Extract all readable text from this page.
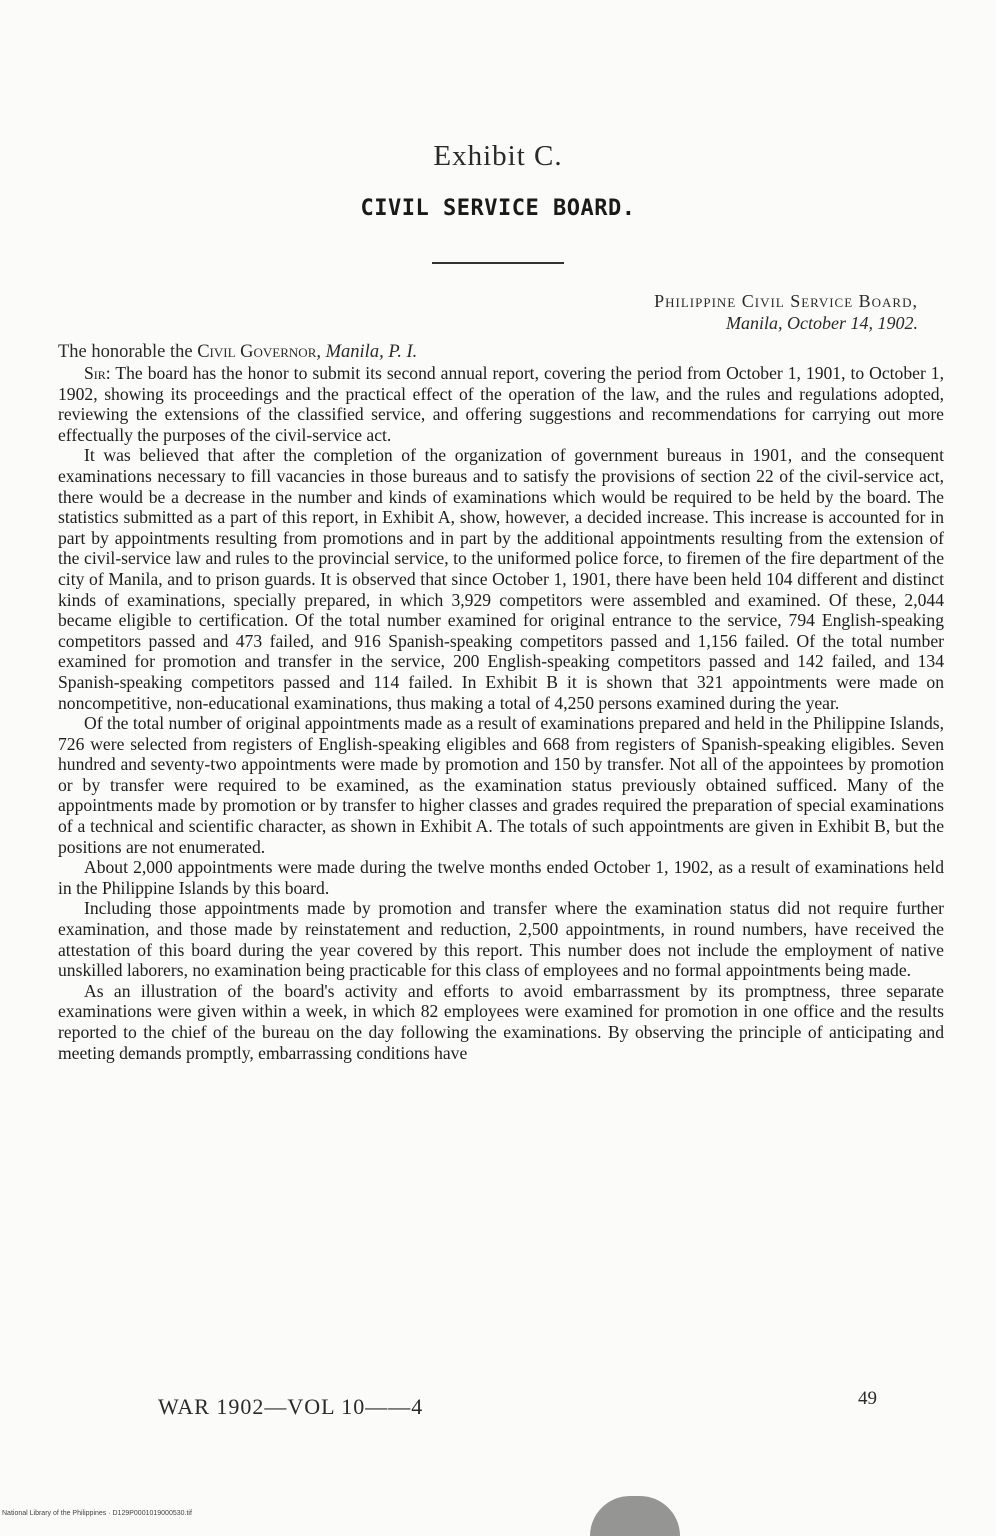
Exhibit C.
CIVIL SERVICE BOARD.
Philippine Civil Service Board,
Manila, October 14, 1902.
The honorable the Civil Governor, Manila, P. I.

Sir: The board has the honor to submit its second annual report, covering the period from October 1, 1901, to October 1, 1902, showing its proceedings and the practical effect of the operation of the law, and the rules and regulations adopted, reviewing the extensions of the classified service, and offering suggestions and recommendations for carrying out more effectually the purposes of the civil-service act.

It was believed that after the completion of the organization of government bureaus in 1901, and the consequent examinations necessary to fill vacancies in those bureaus and to satisfy the provisions of section 22 of the civil-service act, there would be a decrease in the number and kinds of examinations which would be required to be held by the board. The statistics submitted as a part of this report, in Exhibit A, show, however, a decided increase. This increase is accounted for in part by appointments resulting from promotions and in part by the additional appointments resulting from the extension of the civil-service law and rules to the provincial service, to the uniformed police force, to firemen of the fire department of the city of Manila, and to prison guards. It is observed that since October 1, 1901, there have been held 104 different and distinct kinds of examinations, specially prepared, in which 3,929 competitors were assembled and examined. Of these, 2,044 became eligible to certification. Of the total number examined for original entrance to the service, 794 English-speaking competitors passed and 473 failed, and 916 Spanish-speaking competitors passed and 1,156 failed. Of the total number examined for promotion and transfer in the service, 200 English-speaking competitors passed and 142 failed, and 134 Spanish-speaking competitors passed and 114 failed. In Exhibit B it is shown that 321 appointments were made on noncompetitive, non-educational examinations, thus making a total of 4,250 persons examined during the year.

Of the total number of original appointments made as a result of examinations prepared and held in the Philippine Islands, 726 were selected from registers of English-speaking eligibles and 668 from registers of Spanish-speaking eligibles. Seven hundred and seventy-two appointments were made by promotion and 150 by transfer. Not all of the appointees by promotion or by transfer were required to be examined, as the examination status previously obtained sufficed. Many of the appointments made by promotion or by transfer to higher classes and grades required the preparation of special examinations of a technical and scientific character, as shown in Exhibit A. The totals of such appointments are given in Exhibit B, but the positions are not enumerated.

About 2,000 appointments were made during the twelve months ended October 1, 1902, as a result of examinations held in the Philippine Islands by this board.

Including those appointments made by promotion and transfer where the examination status did not require further examination, and those made by reinstatement and reduction, 2,500 appointments, in round numbers, have received the attestation of this board during the year covered by this report. This number does not include the employment of native unskilled laborers, no examination being practicable for this class of employees and no formal appointments being made.

As an illustration of the board's activity and efforts to avoid embarrassment by its promptness, three separate examinations were given within a week, in which 82 employees were examined for promotion in one office and the results reported to the chief of the bureau on the day following the examinations. By observing the principle of anticipating and meeting demands promptly, embarrassing conditions have

WAR 1902—VOL 10——4	49
National Library of the Philippines · D129P0001019000530.tif
